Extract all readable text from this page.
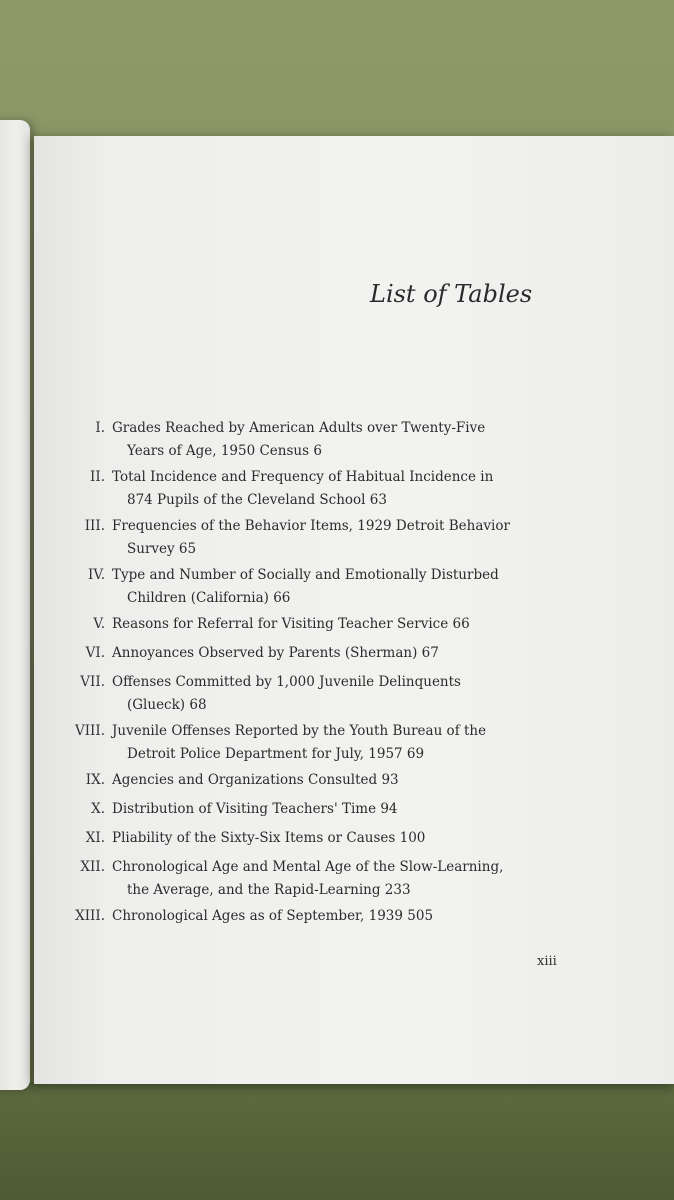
List of Tables
I. Grades Reached by American Adults over Twenty-Five
Years of Age, 1950 Census 6
II. Total Incidence and Frequency of Habitual Incidence in
874 Pupils of the Cleveland School 63
III. Frequencies of the Behavior Items, 1929 Detroit Behavior
Survey 65
IV. Type and Number of Socially and Emotionally Disturbed
Children (California) 66
V. Reasons for Referral for Visiting Teacher Service 66
VI. Annoyances Observed by Parents (Sherman) 67
VII. Offenses Committed by 1,000 Juvenile Delinquents
(Glueck) 68
VIII. Juvenile Offenses Reported by the Youth Bureau of the
Detroit Police Department for July, 1957 69
IX. Agencies and Organizations Consulted 93
X. Distribution of Visiting Teachers' Time 94
XI. Pliability of the Sixty-Six Items or Causes 100
XII. Chronological Age and Mental Age of the Slow-Learning,
the Average, and the Rapid-Learning 233
XIII. Chronological Ages as of September, 1939 505
xiii
